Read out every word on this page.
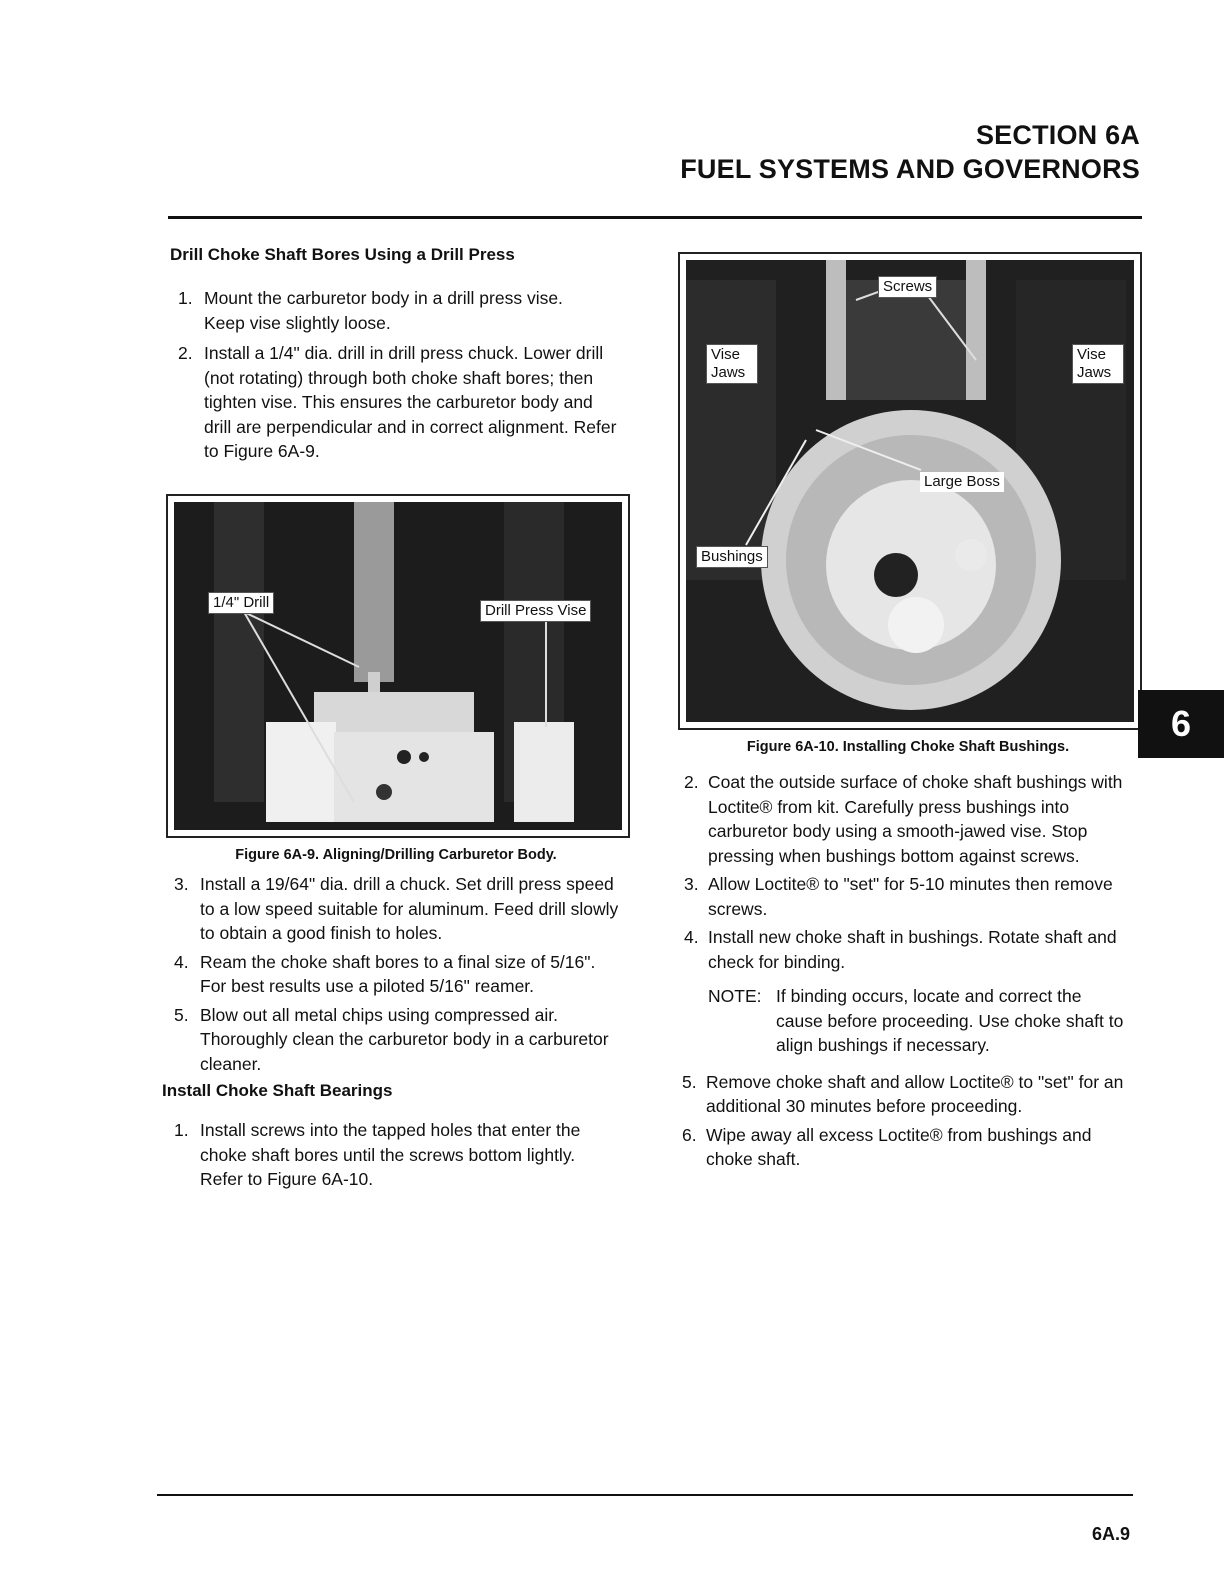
SECTION 6A
FUEL SYSTEMS AND GOVERNORS
Drill Choke Shaft Bores Using a Drill Press
1. Mount the carburetor body in a drill press vise. Keep vise slightly loose.
2. Install a 1/4" dia. drill in drill press chuck. Lower drill (not rotating) through both choke shaft bores; then tighten vise. This ensures the carburetor body and drill are perpendicular and in correct alignment. Refer to Figure 6A-9.
1/4" Drill	Drill Press Vise
Figure 6A-9. Aligning/Drilling Carburetor Body.
3. Install a 19/64" dia. drill a chuck. Set drill press speed to a low speed suitable for aluminum. Feed drill slowly to obtain a good finish to holes.
4. Ream the choke shaft bores to a final size of 5/16". For best results use a piloted 5/16" reamer.
5. Blow out all metal chips using compressed air. Thoroughly clean the carburetor body in a carburetor cleaner.
Install Choke Shaft Bearings
1. Install screws into the tapped holes that enter the choke shaft bores until the screws bottom lightly. Refer to Figure 6A-10.
Screws
Vise Jaws
Vise Jaws
Large Boss
Bushings
Figure 6A-10. Installing Choke Shaft Bushings.
2. Coat the outside surface of choke shaft bushings with Loctite® from kit. Carefully press bushings into carburetor body using a smooth-jawed vise. Stop pressing when bushings bottom against screws.
3. Allow Loctite® to "set" for 5-10 minutes then remove screws.
4. Install new choke shaft in bushings. Rotate shaft and check for binding.
NOTE: If binding occurs, locate and correct the cause before proceeding. Use choke shaft to align bushings if necessary.
5. Remove choke shaft and allow Loctite® to "set" for an additional 30 minutes before proceeding.
6. Wipe away all excess Loctite® from bushings and choke shaft.
6
6A.9
